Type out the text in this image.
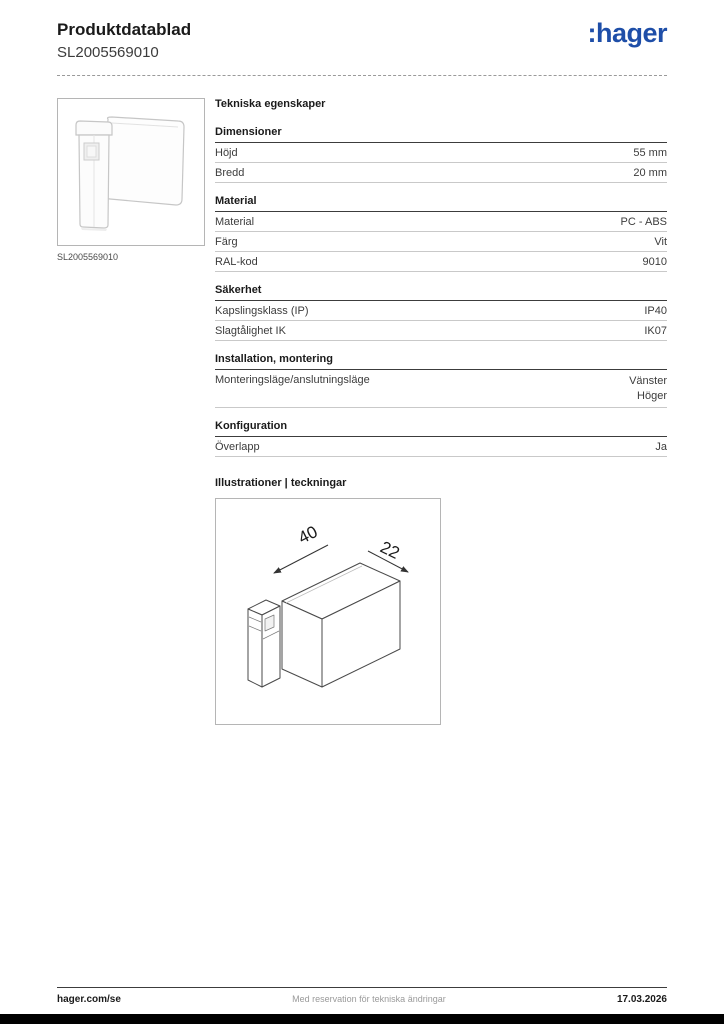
Produktdatablad
SL2005569010
:hager
SL2005569010
Tekniska egenskaper
Dimensioner
Höjd	55 mm
Bredd	20 mm
Material
Material	PC - ABS
Färg	Vit
RAL-kod	9010
Säkerhet
Kapslingsklass (IP)	IP40
Slagtålighet IK	IK07
Installation, montering
Monteringsläge/anslutningsläge	Vänster
Höger
Konfiguration
Överlapp	Ja
Illustrationer | teckningar
40
22
hager.com/se	Med reservation för tekniska ändringar	17.03.2026
